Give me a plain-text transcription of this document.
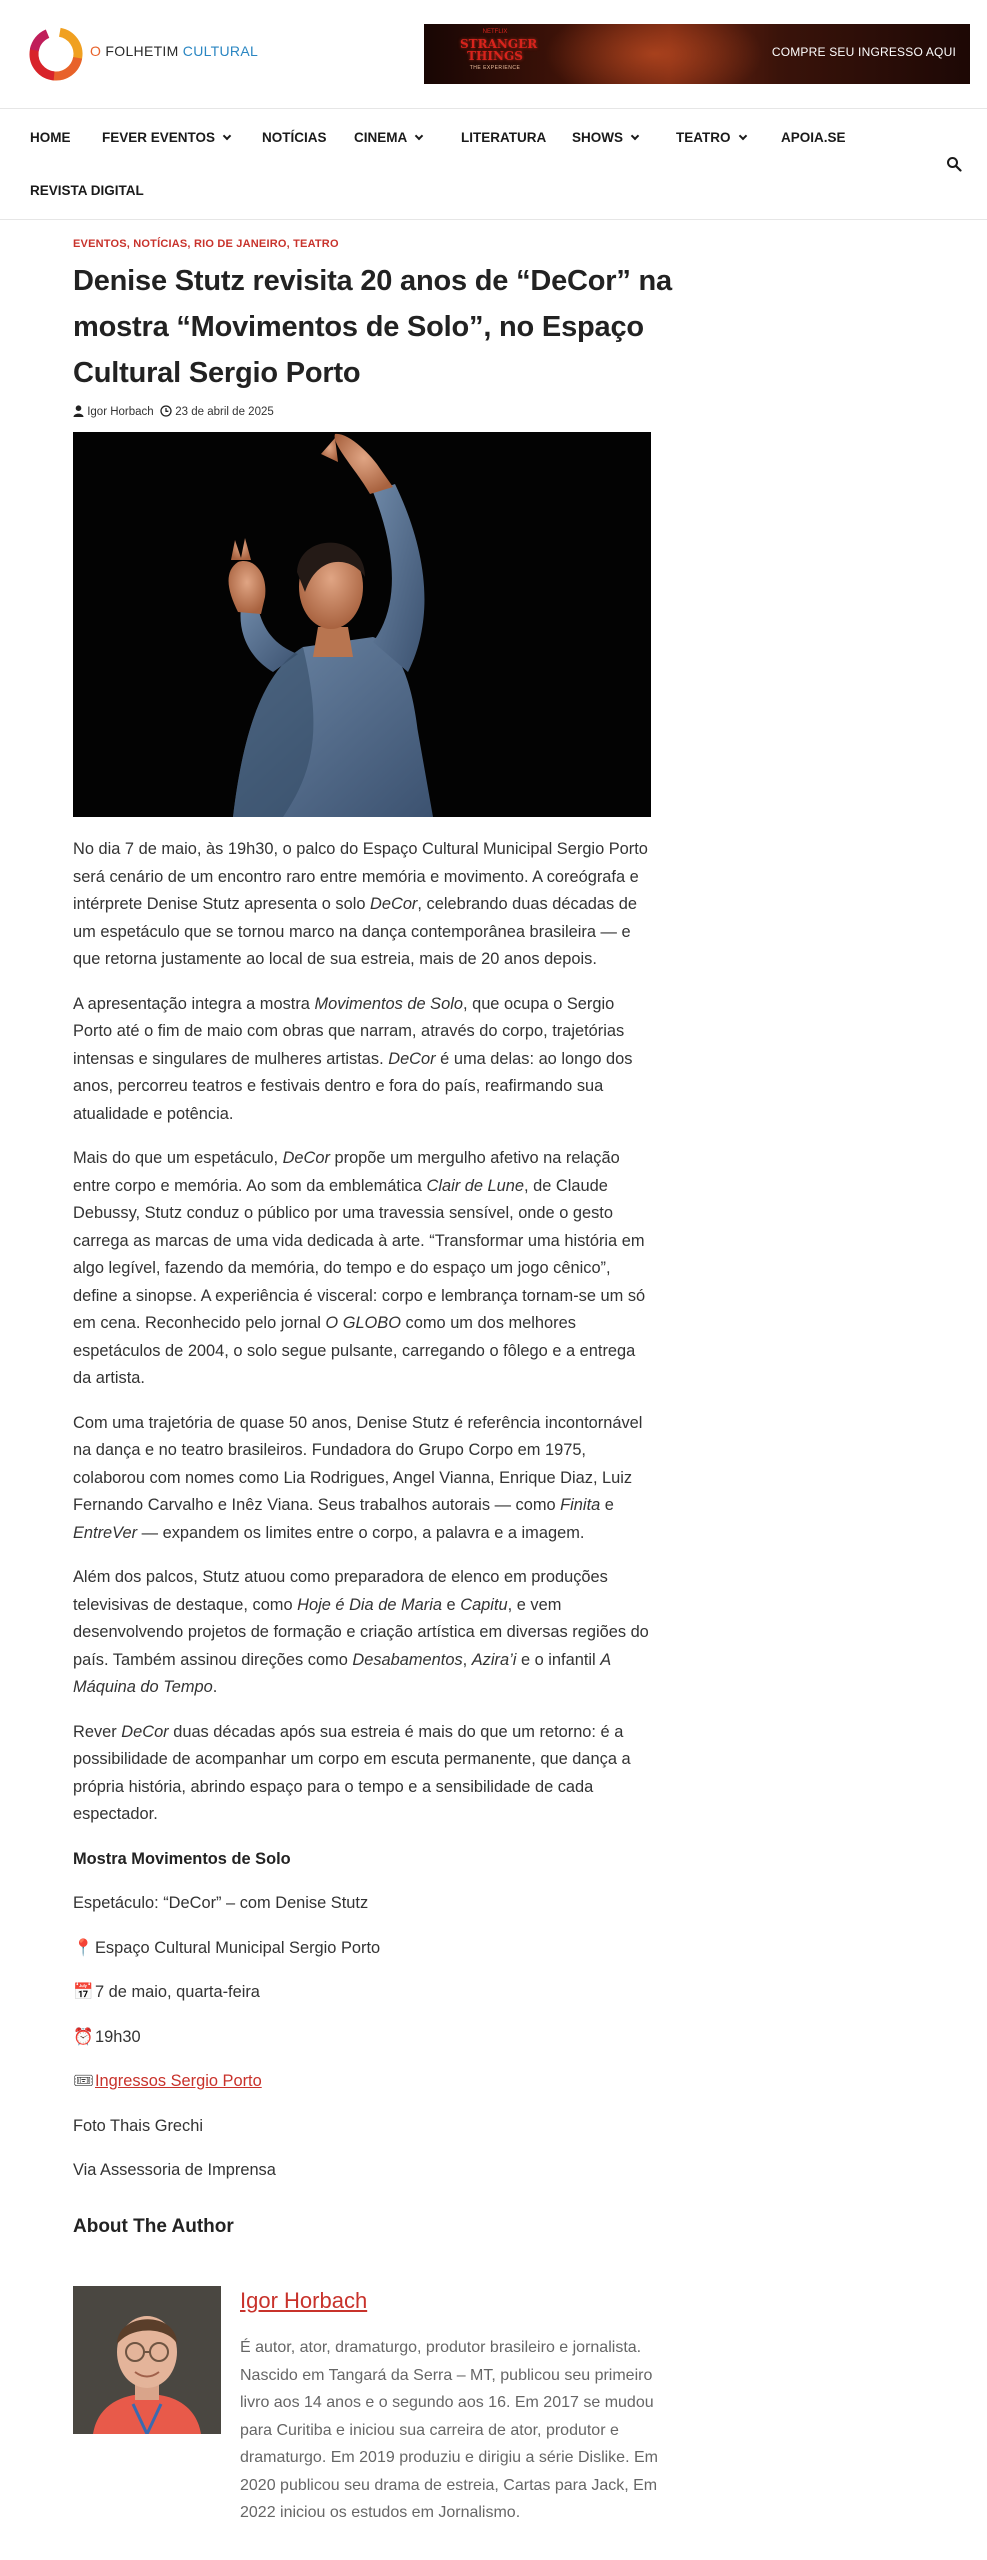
O FOLHETIM CULTURAL
NETFLIX
STRANGER
THINGS
THE EXPERIENCE
COMPRE SEU INGRESSO AQUI
HOME FEVER EVENTOS	NOTÍCIAS CINEMA	LITERATURA SHOWS	TEATRO	APOIA.SE
REVISTA DIGITAL
EVENTOS, NOTÍCIAS, RIO DE JANEIRO, TEATRO
Denise Stutz revisita 20 anos de “DeCor” na mostra “Movimentos de Solo”, no Espaço Cultural Sergio Porto
Igor Horbach 23 de abril de 2025

No dia 7 de maio, às 19h30, o palco do Espaço Cultural Municipal Sergio Porto será cenário de um encontro raro entre memória e movimento. A coreógrafa e intérprete Denise Stutz apresenta o solo DeCor, celebrando duas décadas de um espetáculo que se tornou marco na dança contemporânea brasileira — e que retorna justamente ao local de sua estreia, mais de 20 anos depois.

A apresentação integra a mostra Movimentos de Solo, que ocupa o Sergio Porto até o fim de maio com obras que narram, através do corpo, trajetórias intensas e singulares de mulheres artistas. DeCor é uma delas: ao longo dos anos, percorreu teatros e festivais dentro e fora do país, reafirmando sua atualidade e potência.

Mais do que um espetáculo, DeCor propõe um mergulho afetivo na relação entre corpo e memória. Ao som da emblemática Clair de Lune, de Claude Debussy, Stutz conduz o público por uma travessia sensível, onde o gesto carrega as marcas de uma vida dedicada à arte. “Transformar uma história em algo legível, fazendo da memória, do tempo e do espaço um jogo cênico”, define a sinopse. A experiência é visceral: corpo e lembrança tornam-se um só em cena. Reconhecido pelo jornal O GLOBO como um dos melhores espetáculos de 2004, o solo segue pulsante, carregando o fôlego e a entrega da artista.

Com uma trajetória de quase 50 anos, Denise Stutz é referência incontornável na dança e no teatro brasileiros. Fundadora do Grupo Corpo em 1975, colaborou com nomes como Lia Rodrigues, Angel Vianna, Enrique Diaz, Luiz Fernando Carvalho e Inêz Viana. Seus trabalhos autorais — como Finita e EntreVer — expandem os limites entre o corpo, a palavra e a imagem.

Além dos palcos, Stutz atuou como preparadora de elenco em produções televisivas de destaque, como Hoje é Dia de Maria e Capitu, e vem desenvolvendo projetos de formação e criação artística em diversas regiões do país. Também assinou direções como Desabamentos, Azira’i e o infantil A Máquina do Tempo.

Rever DeCor duas décadas após sua estreia é mais do que um retorno: é a possibilidade de acompanhar um corpo em escuta permanente, que dança a própria história, abrindo espaço para o tempo e a sensibilidade de cada espectador.

Mostra Movimentos de Solo

Espetáculo: “DeCor” – com Denise Stutz

📍Espaço Cultural Municipal Sergio Porto

📅7 de maio, quarta-feira

⏰19h30

🎟Ingressos Sergio Porto

Foto Thais Grechi

Via Assessoria de Imprensa

About The Author
Igor Horbach
É autor, ator, dramaturgo, produtor brasileiro e jornalista. Nascido em Tangará da Serra – MT, publicou seu primeiro livro aos 14 anos e o segundo aos 16. Em 2017 se mudou para Curitiba e iniciou sua carreira de ator, produtor e dramaturgo. Em 2019 produziu e dirigiu a série Dislike. Em 2020 publicou seu drama de estreia, Cartas para Jack, Em 2022 iniciou os estudos em Jornalismo.
